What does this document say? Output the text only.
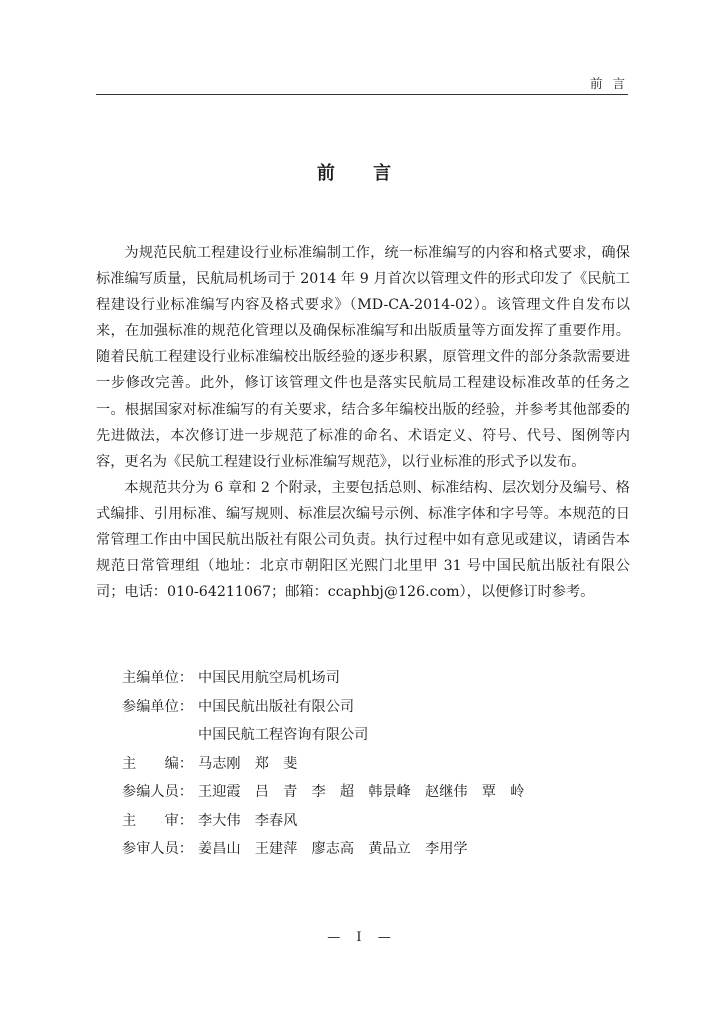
前 言
前 言

为规范民航工程建设行业标准编制工作，统一标准编写的内容和格式要求，确保标准编写质量，民航局机场司于 2014 年 9 月首次以管理文件的形式印发了《民航工程建设行业标准编写内容及格式要求》（MD-CA-2014-02）。该管理文件自发布以来，在加强标准的规范化管理以及确保标准编写和出版质量等方面发挥了重要作用。随着民航工程建设行业标准编校出版经验的逐步积累，原管理文件的部分条款需要进一步修改完善。此外，修订该管理文件也是落实民航局工程建设标准改革的任务之一。根据国家对标准编写的有关要求，结合多年编校出版的经验，并参考其他部委的先进做法，本次修订进一步规范了标准的命名、术语定义、符号、代号、图例等内容，更名为《民航工程建设行业标准编写规范》，以行业标准的形式予以发布。

本规范共分为 6 章和 2 个附录，主要包括总则、标准结构、层次划分及编号、格式编排、引用标准、编写规则、标准层次编号示例、标准字体和字号等。本规范的日常管理工作由中国民航出版社有限公司负责。执行过程中如有意见或建议，请函告本规范日常管理组（地址：北京市朝阳区光熙门北里甲 31 号中国民航出版社有限公司；电话：010-64211067；邮箱：ccaphbj@126.com），以便修订时参考。

主编单位： 中国民用航空局机场司
参编单位： 中国民航出版社有限公司
中国民航工程咨询有限公司
主　　编： 马志刚　郑　斐
参编人员： 王迎霞　吕　青　李　超　韩景峰　赵继伟　覃　岭
主　　审： 李大伟　李春风
参审人员： 姜昌山　王建萍　廖志高　黄品立　李用学
— I —
